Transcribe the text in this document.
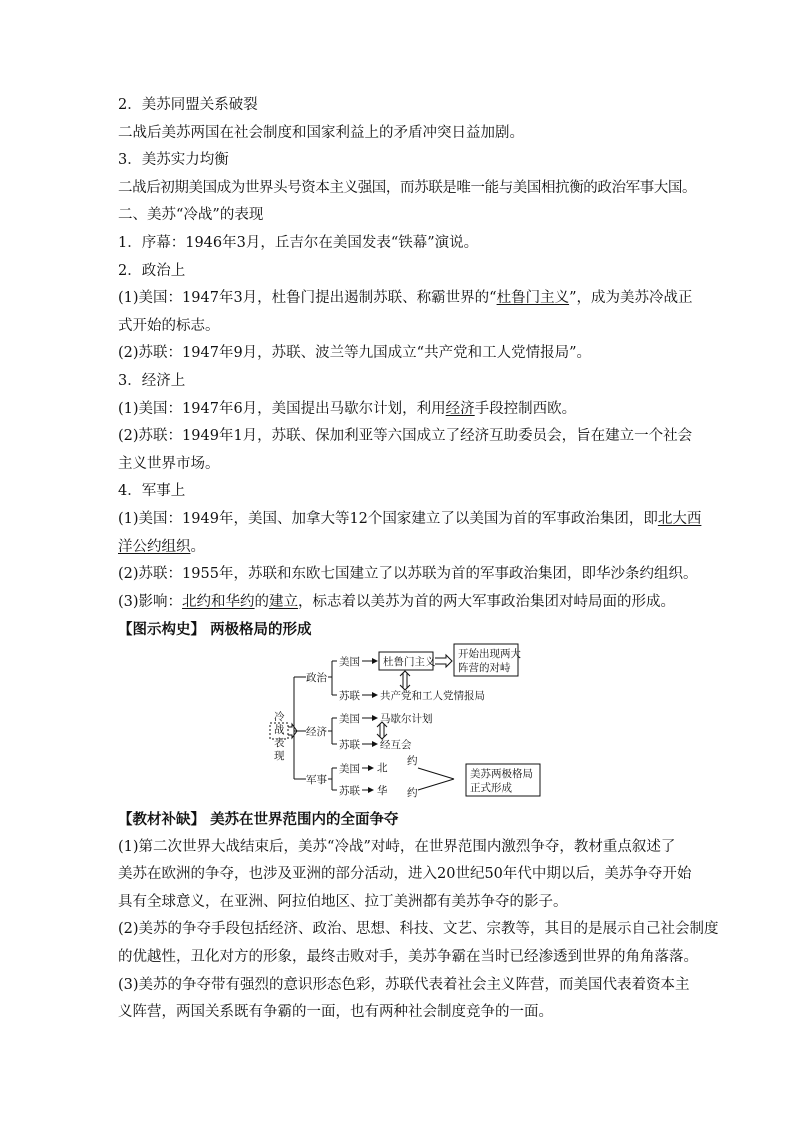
2．美苏同盟关系破裂
二战后美苏两国在社会制度和国家利益上的矛盾冲突日益加剧。
3．美苏实力均衡
二战后初期美国成为世界头号资本主义强国，而苏联是唯一能与美国相抗衡的政治军事大国。
二、美苏“冷战”的表现
1．序幕：1946年3月，丘吉尔在美国发表“铁幕”演说。
2．政治上
(1)美国：1947年3月，杜鲁门提出遏制苏联、称霸世界的“杜鲁门主义”，成为美苏冷战正
式开始的标志。
(2)苏联：1947年9月，苏联、波兰等九国成立“共产党和工人党情报局”。
3．经济上
(1)美国：1947年6月，美国提出马歇尔计划，利用经济手段控制西欧。
(2)苏联：1949年1月，苏联、保加利亚等六国成立了经济互助委员会，旨在建立一个社会
主义世界市场。
4．军事上
(1)美国：1949年，美国、加拿大等12个国家建立了以美国为首的军事政治集团，即北大西
洋公约组织。
(2)苏联：1955年，苏联和东欧七国建立了以苏联为首的军事政治集团，即华沙条约组织。
(3)影响：北约和华约的建立，标志着以美苏为首的两大军事政治集团对峙局面的形成。
【图示构史】 两极格局的形成
冷
战
表
现
政治
经济
军事
美国
苏联
美国
苏联
美国
苏联
杜鲁门主义
开始出现两大
阵营的对峙
共产党和工人党情报局
马歇尔计划
经互会
北
约
华 约
美苏两极格局
正式形成
【教材补缺】 美苏在世界范围内的全面争夺
(1)第二次世界大战结束后，美苏“冷战”对峙，在世界范围内激烈争夺，教材重点叙述了
美苏在欧洲的争夺，也涉及亚洲的部分活动，进入20世纪50年代中期以后，美苏争夺开始
具有全球意义，在亚洲、阿拉伯地区、拉丁美洲都有美苏争夺的影子。
(2)美苏的争夺手段包括经济、政治、思想、科技、文艺、宗教等，其目的是展示自己社会制度
的优越性，丑化对方的形象，最终击败对手，美苏争霸在当时已经渗透到世界的角角落落。
(3)美苏的争夺带有强烈的意识形态色彩，苏联代表着社会主义阵营，而美国代表着资本主
义阵营，两国关系既有争霸的一面，也有两种社会制度竞争的一面。
